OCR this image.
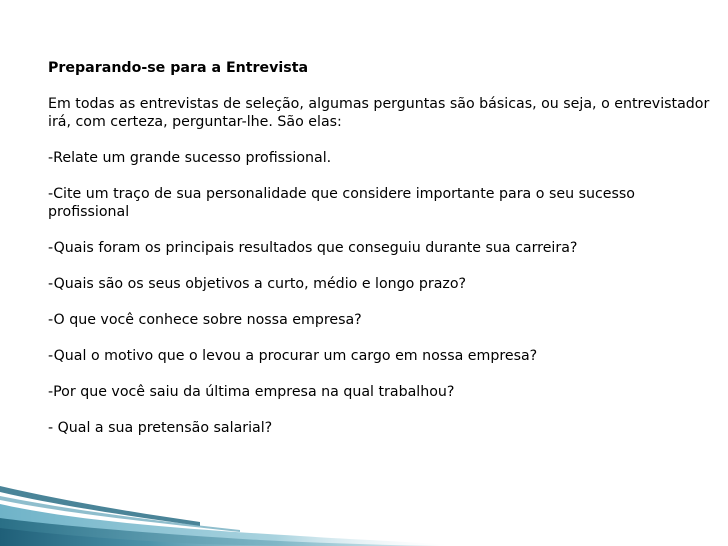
Preparando-se para a Entrevista
Em todas as entrevistas de seleção, algumas perguntas são básicas, ou seja, o entrevistador irá, com certeza, perguntar-lhe. São elas:
-Relate um grande sucesso profissional.
-Cite um traço de sua personalidade que considere importante para o seu sucesso profissional
-Quais foram os principais resultados que conseguiu durante sua carreira?
-Quais são os seus objetivos a curto, médio e longo prazo?
-O que você conhece sobre nossa empresa?
-Qual o motivo que o levou a procurar um cargo em nossa empresa?
-Por que você saiu da última empresa na qual trabalhou?
- Qual a sua pretensão salarial?
